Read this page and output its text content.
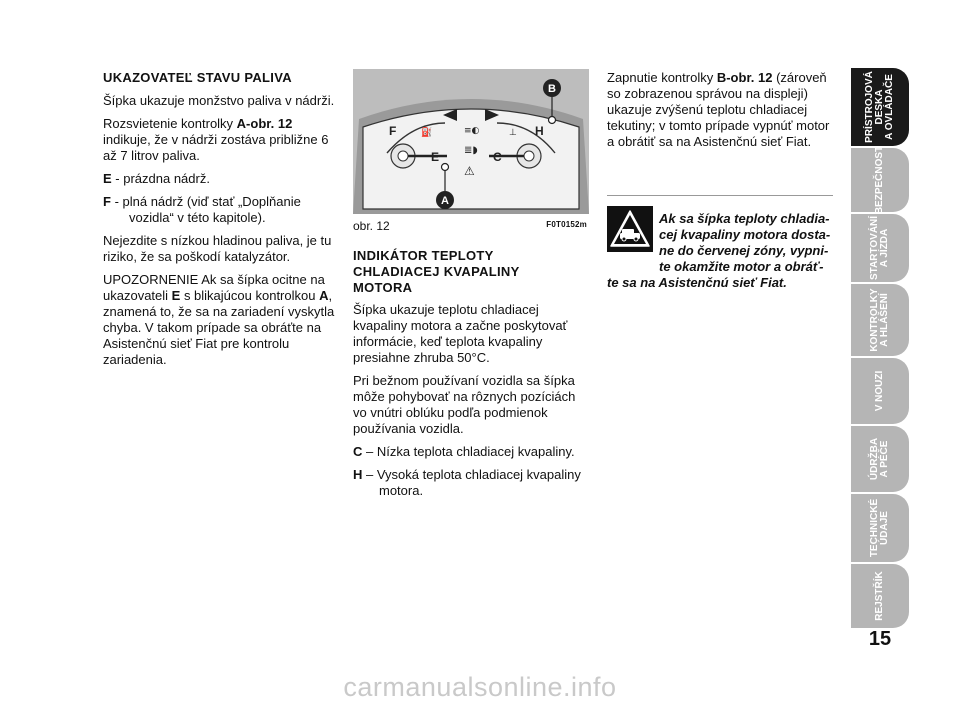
UKAZOVATEĽ STAVU PALIVA

Šípka ukazuje monžstvo paliva v nádrži.

Rozsvietenie kontrolky A-obr. 12 indikuje, že v nádrži zostáva približne 6 až 7 litrov paliva.

E - prázdna nádrž.

F - plná nádrž (viď stať „Doplňanie vozidla“ v této kapitole).

Nejezdite s nízkou hladinou paliva, je tu riziko, že sa poškodí katalyzátor.

UPOZORNENIE Ak sa šípka ocitne na ukazovateli E s blikajúcou kontrolkou A, znamená to, že sa na zariadení vyskytla chyba. V takom prípade sa obráťte na Asistenčnú sieť Fiat pre kontrolu zariadenia.

≡◐
≣◗
⚠
⛽	⊥
F
E	C
H
A
B
obr. 12	F0T0152m
INDIKÁTOR TEPLOTY
CHLADIACEJ KVAPALINY
MOTORA

Šípka ukazuje teplotu chladiacej kvapaliny motora a začne poskytovať informácie, keď teplota kvapaliny presiahne zhruba 50°C.

Pri bežnom používaní vozidla sa šípka môže pohybovať na rôznych pozíciách vo vnútri oblúku podľa podmienok používania vozidla.

C – Nízka teplota chladiacej kvapaliny.

H – Vysoká teplota chladiacej kvapaliny motora.

Zapnutie kontrolky B-obr. 12 (zároveň so zobrazenou správou na displeji) ukazuje zvýšenú teplotu chladiacej tekutiny; v tomto prípade vypnúť motor a obrátiť sa na Asistenčnú sieť Fiat.

Ak sa šípka teploty chladia-
cej kvapaliny motora dosta-
ne do červenej zóny, vypni-
te okamžite motor a obráť-
te sa na Asistenčnú sieť Fiat.
PRÍSTROJOVÁ
DESKA
A OVLÁDAČE
BEZPEČNOST
STARTOVÁNÍ
A JÍZDA
KONTROLKY
A HLÁŠENÍ
V NOUZI
ÚDRŽBA
A PÉČE
TECHNICKÉ
ÚDAJE
REJSTŘÍK
15
carmanualsonline.info
